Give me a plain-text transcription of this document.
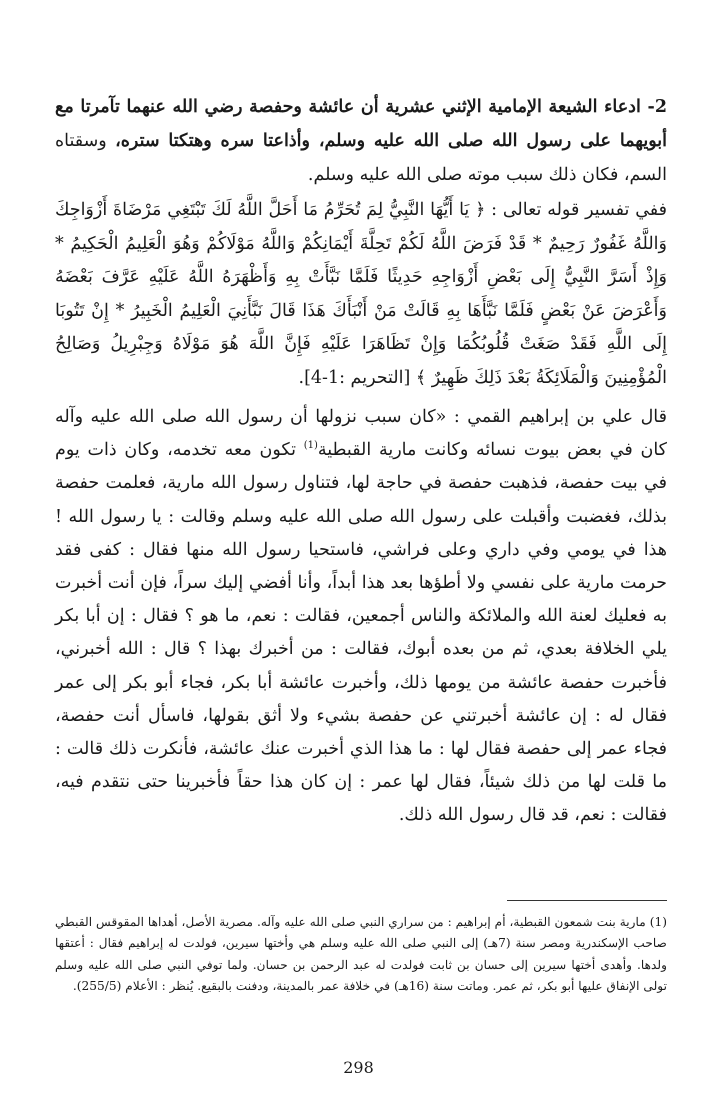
2- ادعاء الشيعة الإمامية الإثني عشرية أن عائشة وحفصة رضي الله عنهما تآمرتا مع أبويهما على رسول الله صلى الله عليه وسلم، وأذاعتا سره وهتكتا ستره، وسقتاه السم، فكان ذلك سبب موته صلى الله عليه وسلم.

ففي تفسير قوله تعالى : ﴿ يَا أَيُّهَا النَّبِيُّ لِمَ تُحَرِّمُ مَا أَحَلَّ اللَّهُ لَكَ تَبْتَغِي مَرْضَاةَ أَزْوَاجِكَ وَاللَّهُ غَفُورٌ رَحِيمٌ * قَدْ فَرَضَ اللَّهُ لَكُمْ تَحِلَّةَ أَيْمَانِكُمْ وَاللَّهُ مَوْلَاكُمْ وَهُوَ الْعَلِيمُ الْحَكِيمُ * وَإِذْ أَسَرَّ النَّبِيُّ إِلَى بَعْضِ أَزْوَاجِهِ حَدِيثًا فَلَمَّا نَبَّأَتْ بِهِ وَأَظْهَرَهُ اللَّهُ عَلَيْهِ عَرَّفَ بَعْضَهُ وَأَعْرَضَ عَنْ بَعْضٍ فَلَمَّا نَبَّأَهَا بِهِ قَالَتْ مَنْ أَنْبَأَكَ هَذَا قَالَ نَبَّأَنِيَ الْعَلِيمُ الْخَبِيرُ * إِنْ تَتُوبَا إِلَى اللَّهِ فَقَدْ صَغَتْ قُلُوبُكُمَا وَإِنْ تَظَاهَرَا عَلَيْهِ فَإِنَّ اللَّهَ هُوَ مَوْلَاهُ وَجِبْرِيلُ وَصَالِحُ الْمُؤْمِنِينَ وَالْمَلَائِكَةُ بَعْدَ ذَلِكَ ظَهِيرٌ ﴾ [التحريم :1-4].

قال علي بن إبراهيم القمي : «كان سبب نزولها أن رسول الله صلى الله عليه وآله كان في بعض بيوت نسائه وكانت مارية القبطية$^{(1)}$ تكون معه تخدمه، وكان ذات يوم في بيت حفصة، فذهبت حفصة في حاجة لها، فتناول رسول الله مارية، فعلمت حفصة بذلك، فغضبت وأقبلت على رسول الله صلى الله عليه وسلم وقالت : يا رسول الله ! هذا في يومي وفي داري وعلى فراشي، فاستحيا رسول الله منها فقال : كفى فقد حرمت مارية على نفسي ولا أطؤها بعد هذا أبداً، وأنا أفضي إليك سراً، فإن أنت أخبرت به فعليك لعنة الله والملائكة والناس أجمعين، فقالت : نعم، ما هو ؟ فقال : إن أبا بكر يلي الخلافة بعدي، ثم من بعده أبوك، فقالت : من أخبرك بهذا ؟ قال : الله أخبرني، فأخبرت حفصة عائشة من يومها ذلك، وأخبرت عائشة أبا بكر، فجاء أبو بكر إلى عمر فقال له : إن عائشة أخبرتني عن حفصة بشيء ولا أثق بقولها، فاسأل أنت حفصة، فجاء عمر إلى حفصة فقال لها : ما هذا الذي أخبرت عنك عائشة، فأنكرت ذلك قالت : ما قلت لها من ذلك شيئاً، فقال لها عمر : إن كان هذا حقاً فأخبرينا حتى نتقدم فيه، فقالت : نعم، قد قال رسول الله ذلك.

(1) مارية بنت شمعون القبطية، أم إبراهيم : من سراري النبي صلى الله عليه وآله. مصرية الأصل، أهداها المقوقس القبطي صاحب الإسكندرية ومصر سنة (7هـ) إلى النبي صلى الله عليه وسلم هي وأختها سيرين، فولدت له إبراهيم فقال : أعتقها ولدها. وأهدى أختها سيرين إلى حسان بن ثابت فولدت له عبد الرحمن بن حسان. ولما توفي النبي صلى الله عليه وسلم تولى الإنفاق عليها أبو بكر، ثم عمر. وماتت سنة (16هـ) في خلافة عمر بالمدينة، ودفنت بالبقيع. يُنظر : الأعلام (255/5).

298
